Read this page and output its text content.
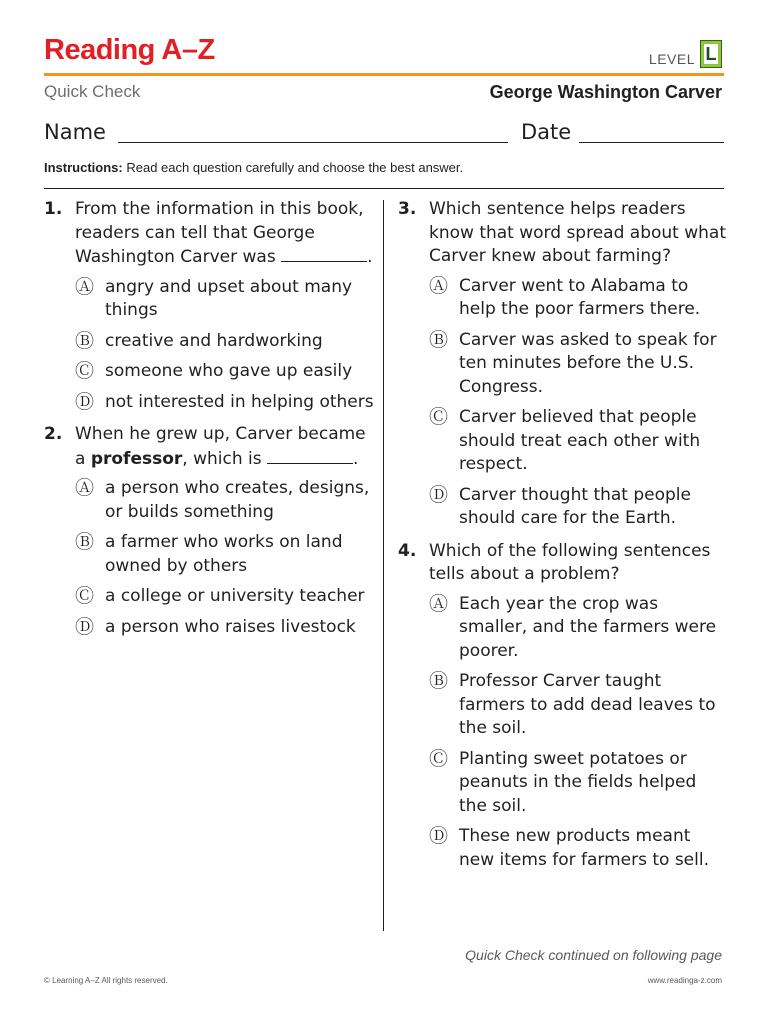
Reading A–Z	LEVEL L
Quick Check	George Washington Carver
Name	Date
Instructions: Read each question carefully and choose the best answer.
1. From the information in this book, readers can tell that George Washington Carver was	.
Ⓐ angry and upset about many things
Ⓑ creative and hardworking
Ⓒ someone who gave up easily
Ⓓ not interested in helping others
2. When he grew up, Carver became a professor, which is	.
Ⓐ a person who creates, designs, or builds something
Ⓑ a farmer who works on land owned by others
Ⓒ a college or university teacher
Ⓓ a person who raises livestock
3. Which sentence helps readers know that word spread about what Carver knew about farming?
Ⓐ Carver went to Alabama to help the poor farmers there.
Ⓑ Carver was asked to speak for ten minutes before the U.S. Congress.
Ⓒ Carver believed that people should treat each other with respect.
Ⓓ Carver thought that people should care for the Earth.
4. Which of the following sentences tells about a problem?
Ⓐ Each year the crop was smaller, and the farmers were poorer.
Ⓑ Professor Carver taught farmers to add dead leaves to the soil.
Ⓒ Planting sweet potatoes or peanuts in the fields helped the soil.
Ⓓ These new products meant new items for farmers to sell.
Quick Check continued on following page
© Learning A–Z All rights reserved.	www.readinga-z.com
